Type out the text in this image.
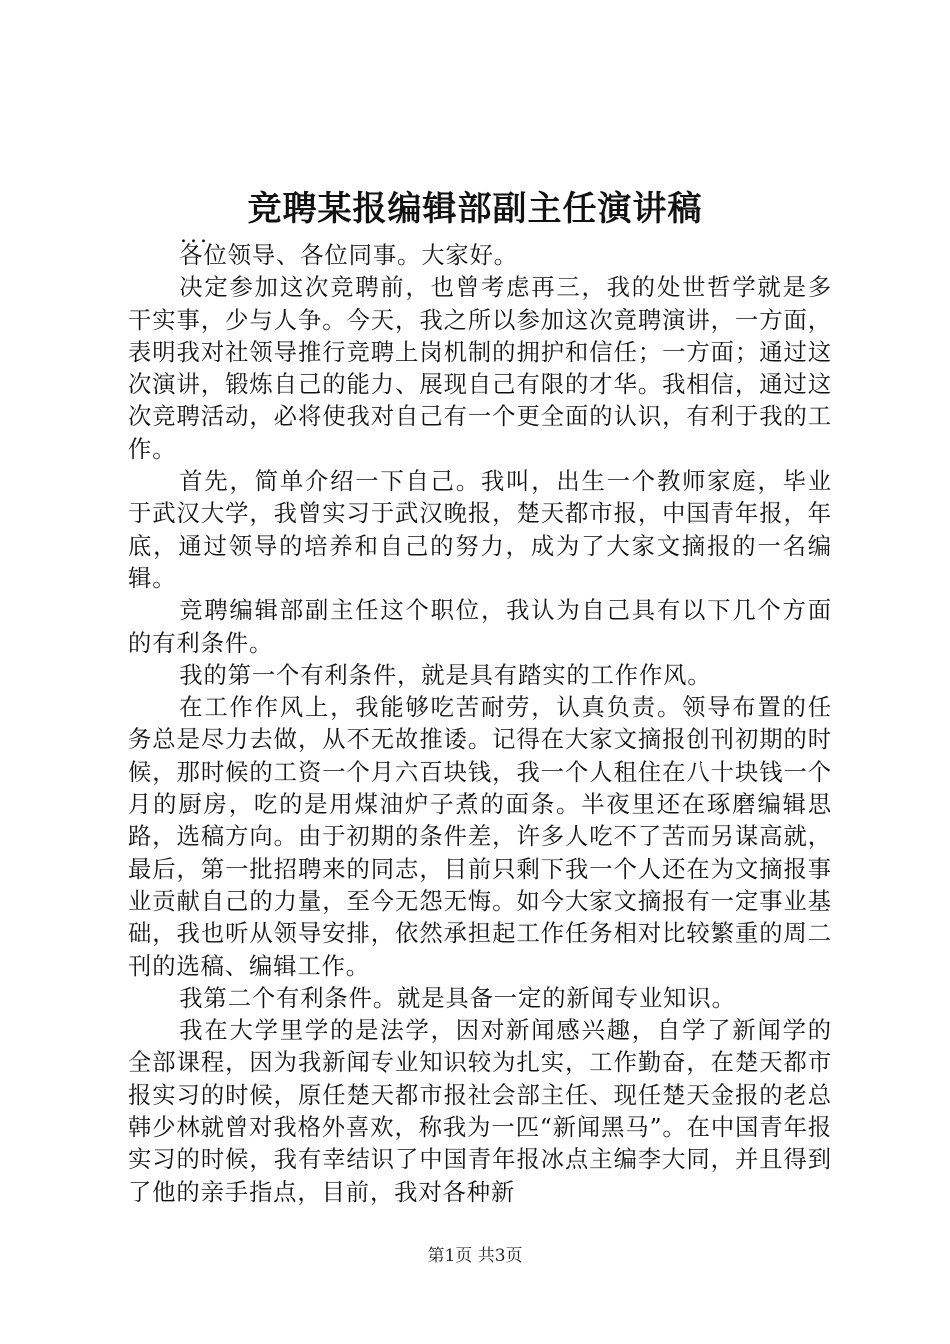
竞聘某报编辑部副主任演讲稿
...

各位领导、各位同事。大家好。

决定参加这次竞聘前，也曾考虑再三，我的处世哲学就是多干实事，少与人争。今天，我之所以参加这次竟聘演讲，一方面，表明我对社领导推行竞聘上岗机制的拥护和信任；一方面；通过这次演讲，锻炼自己的能力、展现自己有限的才华。我相信，通过这次竞聘活动，必将使我对自己有一个更全面的认识，有利于我的工作。

首先，简单介绍一下自己。我叫，出生一个教师家庭，毕业于武汉大学，我曾实习于武汉晚报，楚天都市报，中国青年报，年底，通过领导的培养和自己的努力，成为了大家文摘报的一名编辑。

竞聘编辑部副主任这个职位，我认为自己具有以下几个方面的有利条件。

我的第一个有利条件，就是具有踏实的工作作风。

在工作作风上，我能够吃苦耐劳，认真负责。领导布置的任务总是尽力去做，从不无故推诿。记得在大家文摘报创刊初期的时候，那时候的工资一个月六百块钱，我一个人租住在八十块钱一个月的厨房，吃的是用煤油炉子煮的面条。半夜里还在琢磨编辑思路，选稿方向。由于初期的条件差，许多人吃不了苦而另谋高就，最后，第一批招聘来的同志，目前只剩下我一个人还在为文摘报事业贡献自己的力量，至今无怨无悔。如今大家文摘报有一定事业基础，我也听从领导安排，依然承担起工作任务相对比较繁重的周二刊的选稿、编辑工作。

我第二个有利条件。就是具备一定的新闻专业知识。

我在大学里学的是法学，因对新闻感兴趣，自学了新闻学的全部课程，因为我新闻专业知识较为扎实，工作勤奋，在楚天都市报实习的时候，原任楚天都市报社会部主任、现任楚天金报的老总韩少林就曾对我格外喜欢，称我为一匹“新闻黑马”。在中国青年报实习的时候，我有幸结识了中国青年报冰点主编李大同，并且得到了他的亲手指点，目前，我对各种新

第1页 共3页
